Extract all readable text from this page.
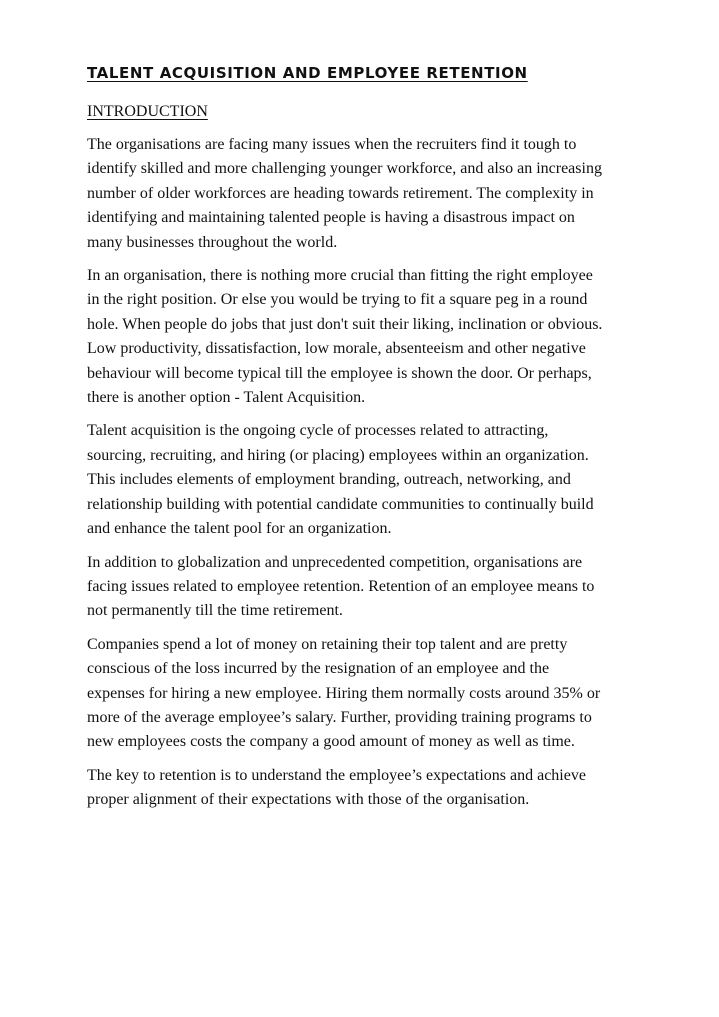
TALENT ACQUISITION AND EMPLOYEE RETENTION
INTRODUCTION

The organisations are facing many issues when the recruiters find it tough to
identify skilled and more challenging younger workforce, and also an increasing
number of older workforces are heading towards retirement. The complexity in
identifying and maintaining talented people is having a disastrous impact on
many businesses throughout the world.

In an organisation, there is nothing more crucial than fitting the right employee
in the right position. Or else you would be trying to fit a square peg in a round
hole. When people do jobs that just don't suit their liking, inclination or obvious.
Low productivity, dissatisfaction, low morale, absenteeism and other negative
behaviour will become typical till the employee is shown the door. Or perhaps,
there is another option - Talent Acquisition.

Talent acquisition is the ongoing cycle of processes related to attracting,
sourcing, recruiting, and hiring (or placing) employees within an organization.
This includes elements of employment branding, outreach, networking, and
relationship building with potential candidate communities to continually build
and enhance the talent pool for an organization.

In addition to globalization and unprecedented competition, organisations are
facing issues related to employee retention. Retention of an employee means to
not permanently till the time retirement.

Companies spend a lot of money on retaining their top talent and are pretty
conscious of the loss incurred by the resignation of an employee and the
expenses for hiring a new employee. Hiring them normally costs around 35% or
more of the average employee’s salary. Further, providing training programs to
new employees costs the company a good amount of money as well as time.

The key to retention is to understand the employee’s expectations and achieve
proper alignment of their expectations with those of the organisation.
